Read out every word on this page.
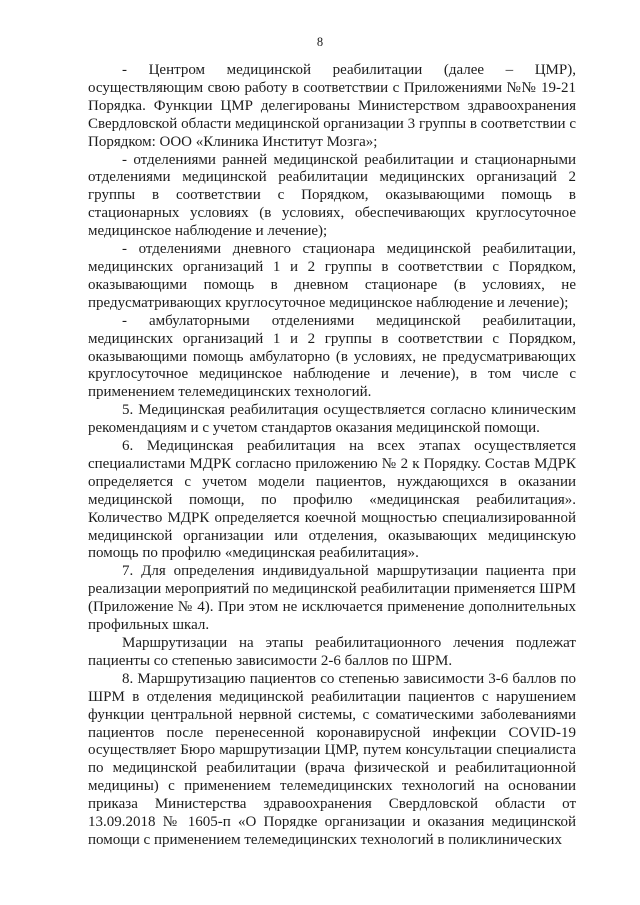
8

- Центром медицинской реабилитации (далее – ЦМР), осуществляющим свою работу в соответствии с Приложениями №№ 19-21 Порядка. Функции ЦМР делегированы Министерством здравоохранения Свердловской области медицинской организации 3 группы в соответствии с Порядком: ООО «Клиника Институт Мозга»;

- отделениями ранней медицинской реабилитации и стационарными отделениями медицинской реабилитации медицинских организаций 2 группы в соответствии с Порядком, оказывающими помощь в стационарных условиях (в условиях, обеспечивающих круглосуточное медицинское наблюдение и лечение);

- отделениями дневного стационара медицинской реабилитации, медицинских организаций 1 и 2 группы в соответствии с Порядком, оказывающими помощь в дневном стационаре (в условиях, не предусматривающих круглосуточное медицинское наблюдение и лечение);

- амбулаторными отделениями медицинской реабилитации, медицинских организаций 1 и 2 группы в соответствии с Порядком, оказывающими помощь амбулаторно (в условиях, не предусматривающих круглосуточное медицинское наблюдение и лечение), в том числе с применением телемедицинских технологий.

5. Медицинская реабилитация осуществляется согласно клиническим рекомендациям и с учетом стандартов оказания медицинской помощи.

6. Медицинская реабилитация на всех этапах осуществляется специалистами МДРК согласно приложению № 2 к Порядку. Состав МДРК определяется с учетом модели пациентов, нуждающихся в оказании медицинской помощи, по профилю «медицинская реабилитация». Количество МДРК определяется коечной мощностью специализированной медицинской организации или отделения, оказывающих медицинскую помощь по профилю «медицинская реабилитация».

7. Для определения индивидуальной маршрутизации пациента при реализации мероприятий по медицинской реабилитации применяется ШРМ (Приложение № 4). При этом не исключается применение дополнительных профильных шкал.

Маршрутизации на этапы реабилитационного лечения подлежат пациенты со степенью зависимости 2-6 баллов по ШРМ.

8. Маршрутизацию пациентов со степенью зависимости 3-6 баллов по ШРМ в отделения медицинской реабилитации пациентов с нарушением функции центральной нервной системы, с соматическими заболеваниями пациентов после перенесенной коронавирусной инфекции COVID-19 осуществляет Бюро маршрутизации ЦМР, путем консультации специалиста по медицинской реабилитации (врача физической и реабилитационной медицины) с применением телемедицинских технологий на основании приказа Министерства здравоохранения Свердловской области от 13.09.2018 № 1605-п «О Порядке организации и оказания медицинской помощи с применением телемедицинских технологий в поликлинических
